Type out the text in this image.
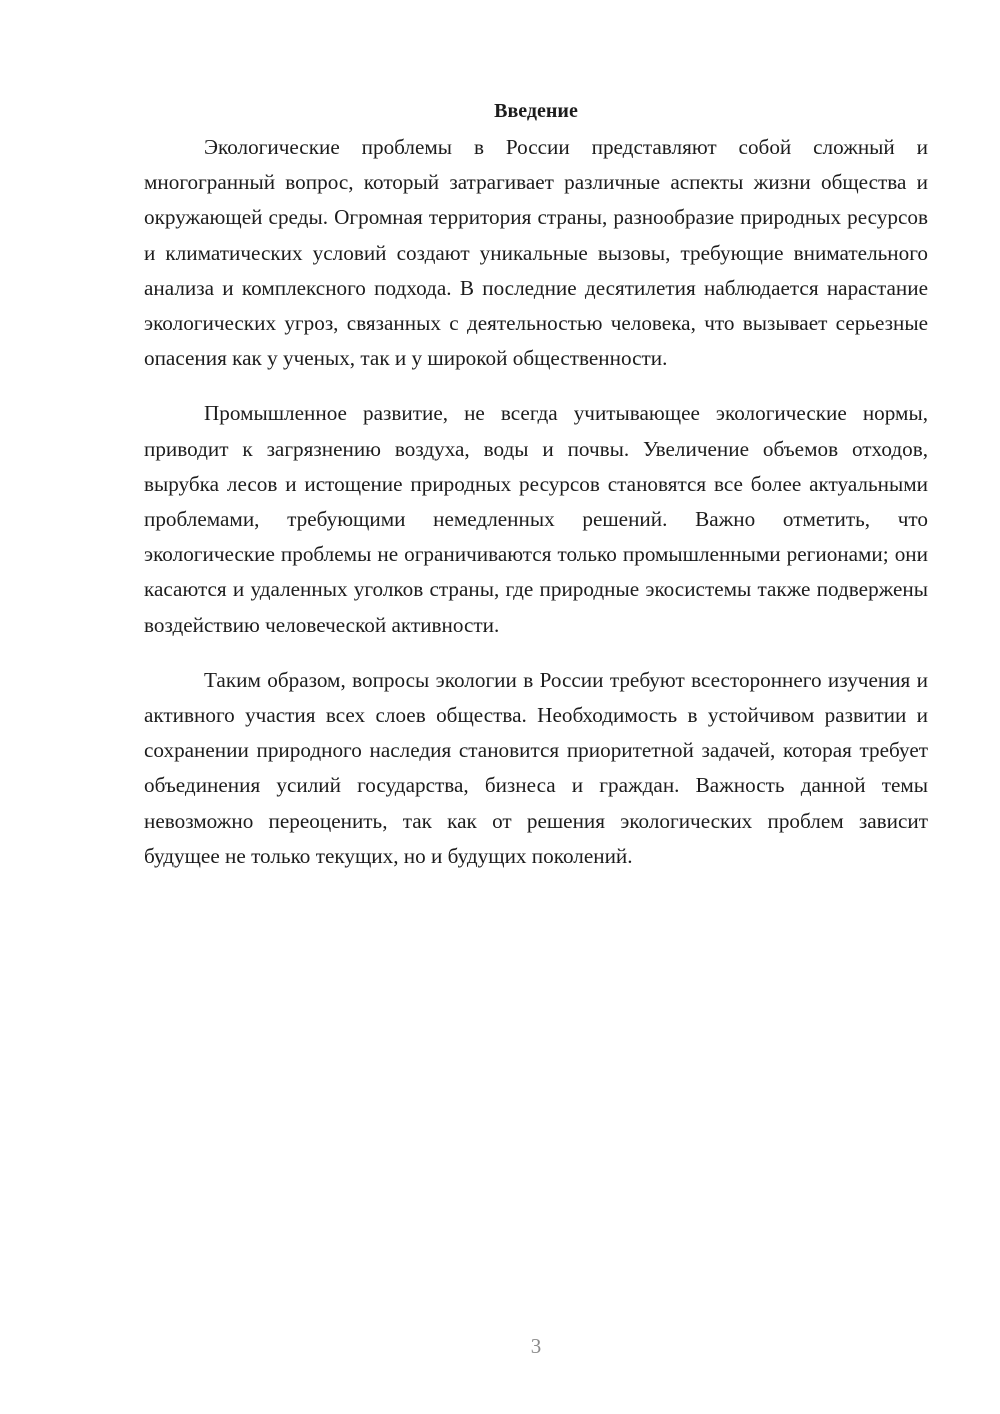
Введение

Экологические проблемы в России представляют собой сложный и многогранный вопрос, который затрагивает различные аспекты жизни общества и окружающей среды. Огромная территория страны, разнообразие природных ресурсов и климатических условий создают уникальные вызовы, требующие внимательного анализа и комплексного подхода. В последние десятилетия наблюдается нарастание экологических угроз, связанных с деятельностью человека, что вызывает серьезные опасения как у ученых, так и у широкой общественности.

Промышленное развитие, не всегда учитывающее экологические нормы, приводит к загрязнению воздуха, воды и почвы. Увеличение объемов отходов, вырубка лесов и истощение природных ресурсов становятся все более актуальными проблемами, требующими немедленных решений. Важно отметить, что экологические проблемы не ограничиваются только промышленными регионами; они касаются и удаленных уголков страны, где природные экосистемы также подвержены воздействию человеческой активности.

Таким образом, вопросы экологии в России требуют всестороннего изучения и активного участия всех слоев общества. Необходимость в устойчивом развитии и сохранении природного наследия становится приоритетной задачей, которая требует объединения усилий государства, бизнеса и граждан. Важность данной темы невозможно переоценить, так как от решения экологических проблем зависит будущее не только текущих, но и будущих поколений.

3
